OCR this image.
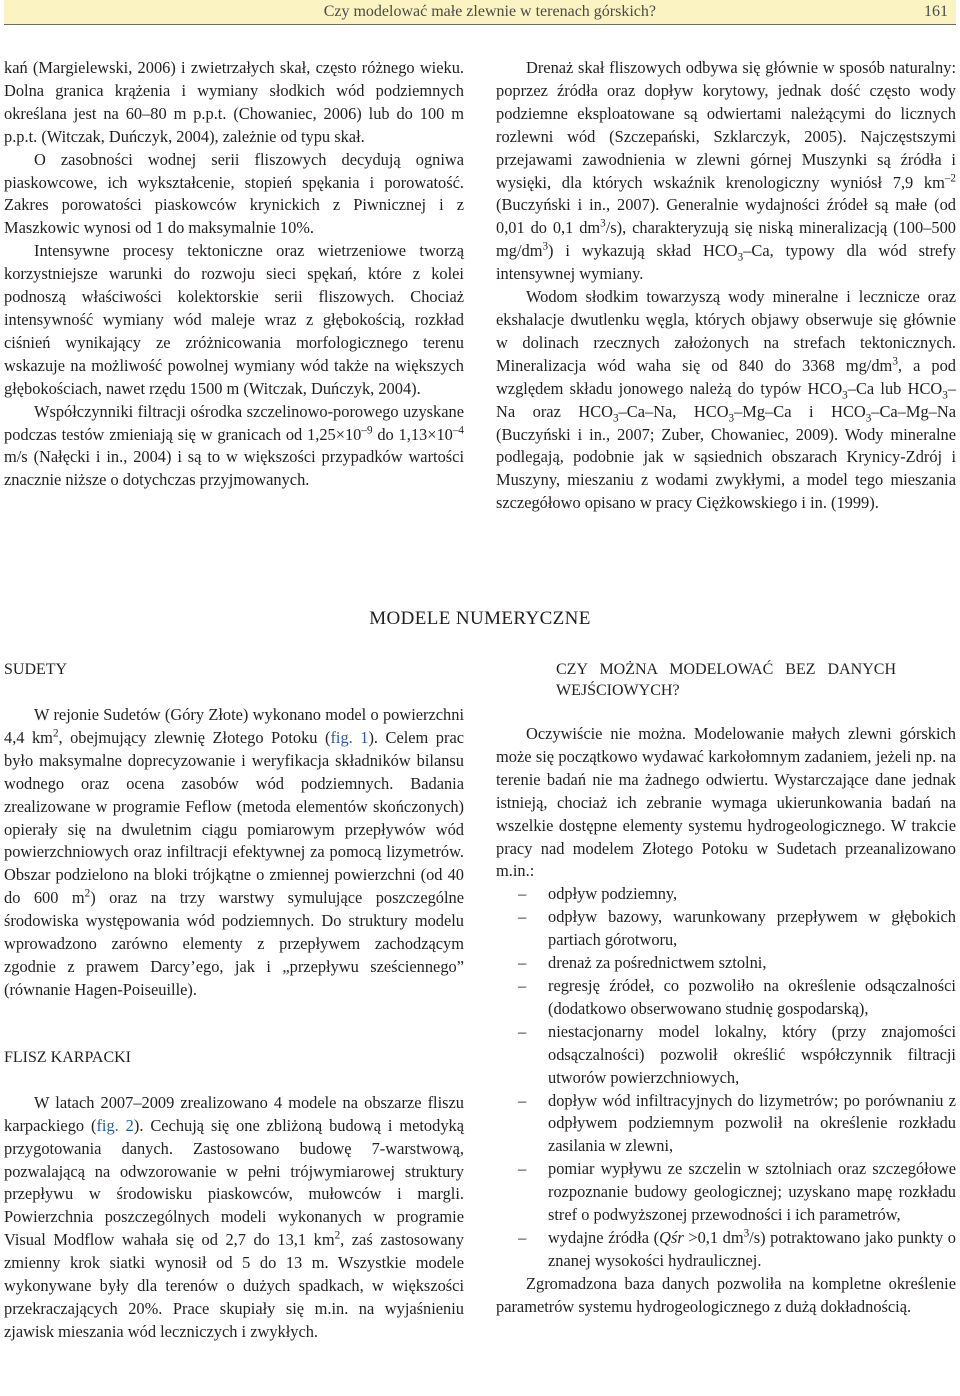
Czy modelować małe zlewnie w terenach górskich?	161

kań (Margielewski, 2006) i zwietrzałych skał, często różnego wieku. Dolna granica krążenia i wymiany słodkich wód podziemnych określana jest na 60–80 m p.p.t. (Chowaniec, 2006) lub do 100 m p.p.t. (Witczak, Duńczyk, 2004), zależnie od typu skał.

O zasobności wodnej serii fliszowych decydują ogniwa piaskowcowe, ich wykształcenie, stopień spękania i porowatość. Zakres porowatości piaskowców krynickich z Piwnicznej i z Maszkowic wynosi od 1 do maksymalnie 10%.

Intensywne procesy tektoniczne oraz wietrzeniowe tworzą korzystniejsze warunki do rozwoju sieci spękań, które z kolei podnoszą właściwości kolektorskie serii fliszowych. Chociaż intensywność wymiany wód maleje wraz z głębokością, rozkład ciśnień wynikający ze zróżnicowania morfologicznego terenu wskazuje na możliwość powolnej wymiany wód także na większych głębokościach, nawet rzędu 1500 m (Witczak, Duńczyk, 2004).

Współczynniki filtracji ośrodka szczelinowo-porowego uzyskane podczas testów zmieniają się w granicach od $1,25\times 10^{-9}$ do $1,13\times 10^{-4}$ m/s (Nałęcki i in., 2004) i są to w większości przypadków wartości znacznie niższe o dotychczas przyjmowanych.

Drenaż skał fliszowych odbywa się głównie w sposób naturalny: poprzez źródła oraz dopływ korytowy, jednak dość często wody podziemne eksploatowane są odwiertami należącymi do licznych rozlewni wód (Szczepański, Szklarczyk, 2005). Najczęstszymi przejawami zawodnienia w zlewni górnej Muszynki są źródła i wysięki, dla których wskaźnik krenologiczny wyniósł 7,9 $km^{-2}$ (Buczyński i in., 2007). Generalnie wydajności źródeł są małe (od 0,01 do 0,1 $dm^3/s$), charakteryzują się niską mineralizacją (100–500 $mg/dm^3$) i wykazują skład $HCO_3-Ca$, typowy dla wód strefy intensywnej wymiany.

Wodom słodkim towarzyszą wody mineralne i lecznicze oraz ekshalacje dwutlenku węgla, których objawy obserwuje się głównie w dolinach rzecznych założonych na strefach tektonicznych. Mineralizacja wód waha się od 840 do 3368 $mg/dm^3$, a pod względem składu jonowego należą do typów $HCO_3-Ca$ lub $HCO_3-Na$ oraz $HCO_3-Ca-Na$, $HCO_3-Mg-Ca$ i $HCO_3-Ca-Mg-Na$ (Buczyński i in., 2007; Zuber, Chowaniec, 2009). Wody mineralne podlegają, podobnie jak w sąsiednich obszarach Krynicy-Zdrój i Muszyny, mieszaniu z wodami zwykłymi, a model tego mieszania szczegółowo opisano w pracy Ciężkowskiego i in. (1999).

MODELE NUMERYCZNE

SUDETY

W rejonie Sudetów (Góry Złote) wykonano model o powierzchni 4,4 $km^2$, obejmujący zlewnię Złotego Potoku (fig. 1). Celem prac było maksymalne doprecyzowanie i weryfikacja składników bilansu wodnego oraz ocena zasobów wód podziemnych. Badania zrealizowane w programie Feflow (metoda elementów skończonych) opierały się na dwuletnim ciągu pomiarowym przepływów wód powierzchniowych oraz infiltracji efektywnej za pomocą lizymetrów. Obszar podzielono na bloki trójkątne o zmiennej powierzchni (od 40 do 600 $m^2$) oraz na trzy warstwy symulujące poszczególne środowiska występowania wód podziemnych. Do struktury modelu wprowadzono zarówno elementy z przepływem zachodzącym zgodnie z prawem Darcy’ego, jak i „przepływu sześciennego” (równanie Hagen-Poiseuille).

FLISZ KARPACKI

W latach 2007–2009 zrealizowano 4 modele na obszarze fliszu karpackiego (fig. 2). Cechują się one zbliżoną budową i metodyką przygotowania danych. Zastosowano budowę 7-warstwową, pozwalającą na odwzorowanie w pełni trójwymiarowej struktury przepływu w środowisku piaskowców, mułowców i margli. Powierzchnia poszczególnych modeli wykonanych w programie Visual Modflow wahała się od 2,7 do 13,1 $km^2$, zaś zastosowany zmienny krok siatki wynosił od 5 do 13 m. Wszystkie modele wykonywane były dla terenów o dużych spadkach, w większości przekraczających 20%. Prace skupiały się m.in. na wyjaśnieniu zjawisk mieszania wód leczniczych i zwykłych.

CZY MOŻNA MODELOWAĆ BEZ DANYCH WEJŚCIOWYCH?

Oczywiście nie można. Modelowanie małych zlewni górskich może się początkowo wydawać karkołomnym zadaniem, jeżeli np. na terenie badań nie ma żadnego odwiertu. Wystarczające dane jednak istnieją, chociaż ich zebranie wymaga ukierunkowania badań na wszelkie dostępne elementy systemu hydrogeologicznego. W trakcie pracy nad modelem Złotego Potoku w Sudetach przeanalizowano m.in.:

– odpływ podziemny,
– odpływ bazowy, warunkowany przepływem w głębokich partiach górotworu,
– drenaż za pośrednictwem sztolni,
– regresję źródeł, co pozwoliło na określenie odsączalności (dodatkowo obserwowano studnię gospodarską),
– niestacjonarny model lokalny, który (przy znajomości odsączalności) pozwolił określić współczynnik filtracji utworów powierzchniowych,
– dopływ wód infiltracyjnych do lizymetrów; po porównaniu z odpływem podziemnym pozwolił na określenie rozkładu zasilania w zlewni,
– pomiar wypływu ze szczelin w sztolniach oraz szczegółowe rozpoznanie budowy geologicznej; uzyskano mapę rozkładu stref o podwyższonej przewodności i ich parametrów,
– wydajne źródła (Qśr >0,1 $dm^3/s$) potraktowano jako punkty o znanej wysokości hydraulicznej.

Zgromadzona baza danych pozwoliła na kompletne określenie parametrów systemu hydrogeologicznego z dużą dokładnością.
